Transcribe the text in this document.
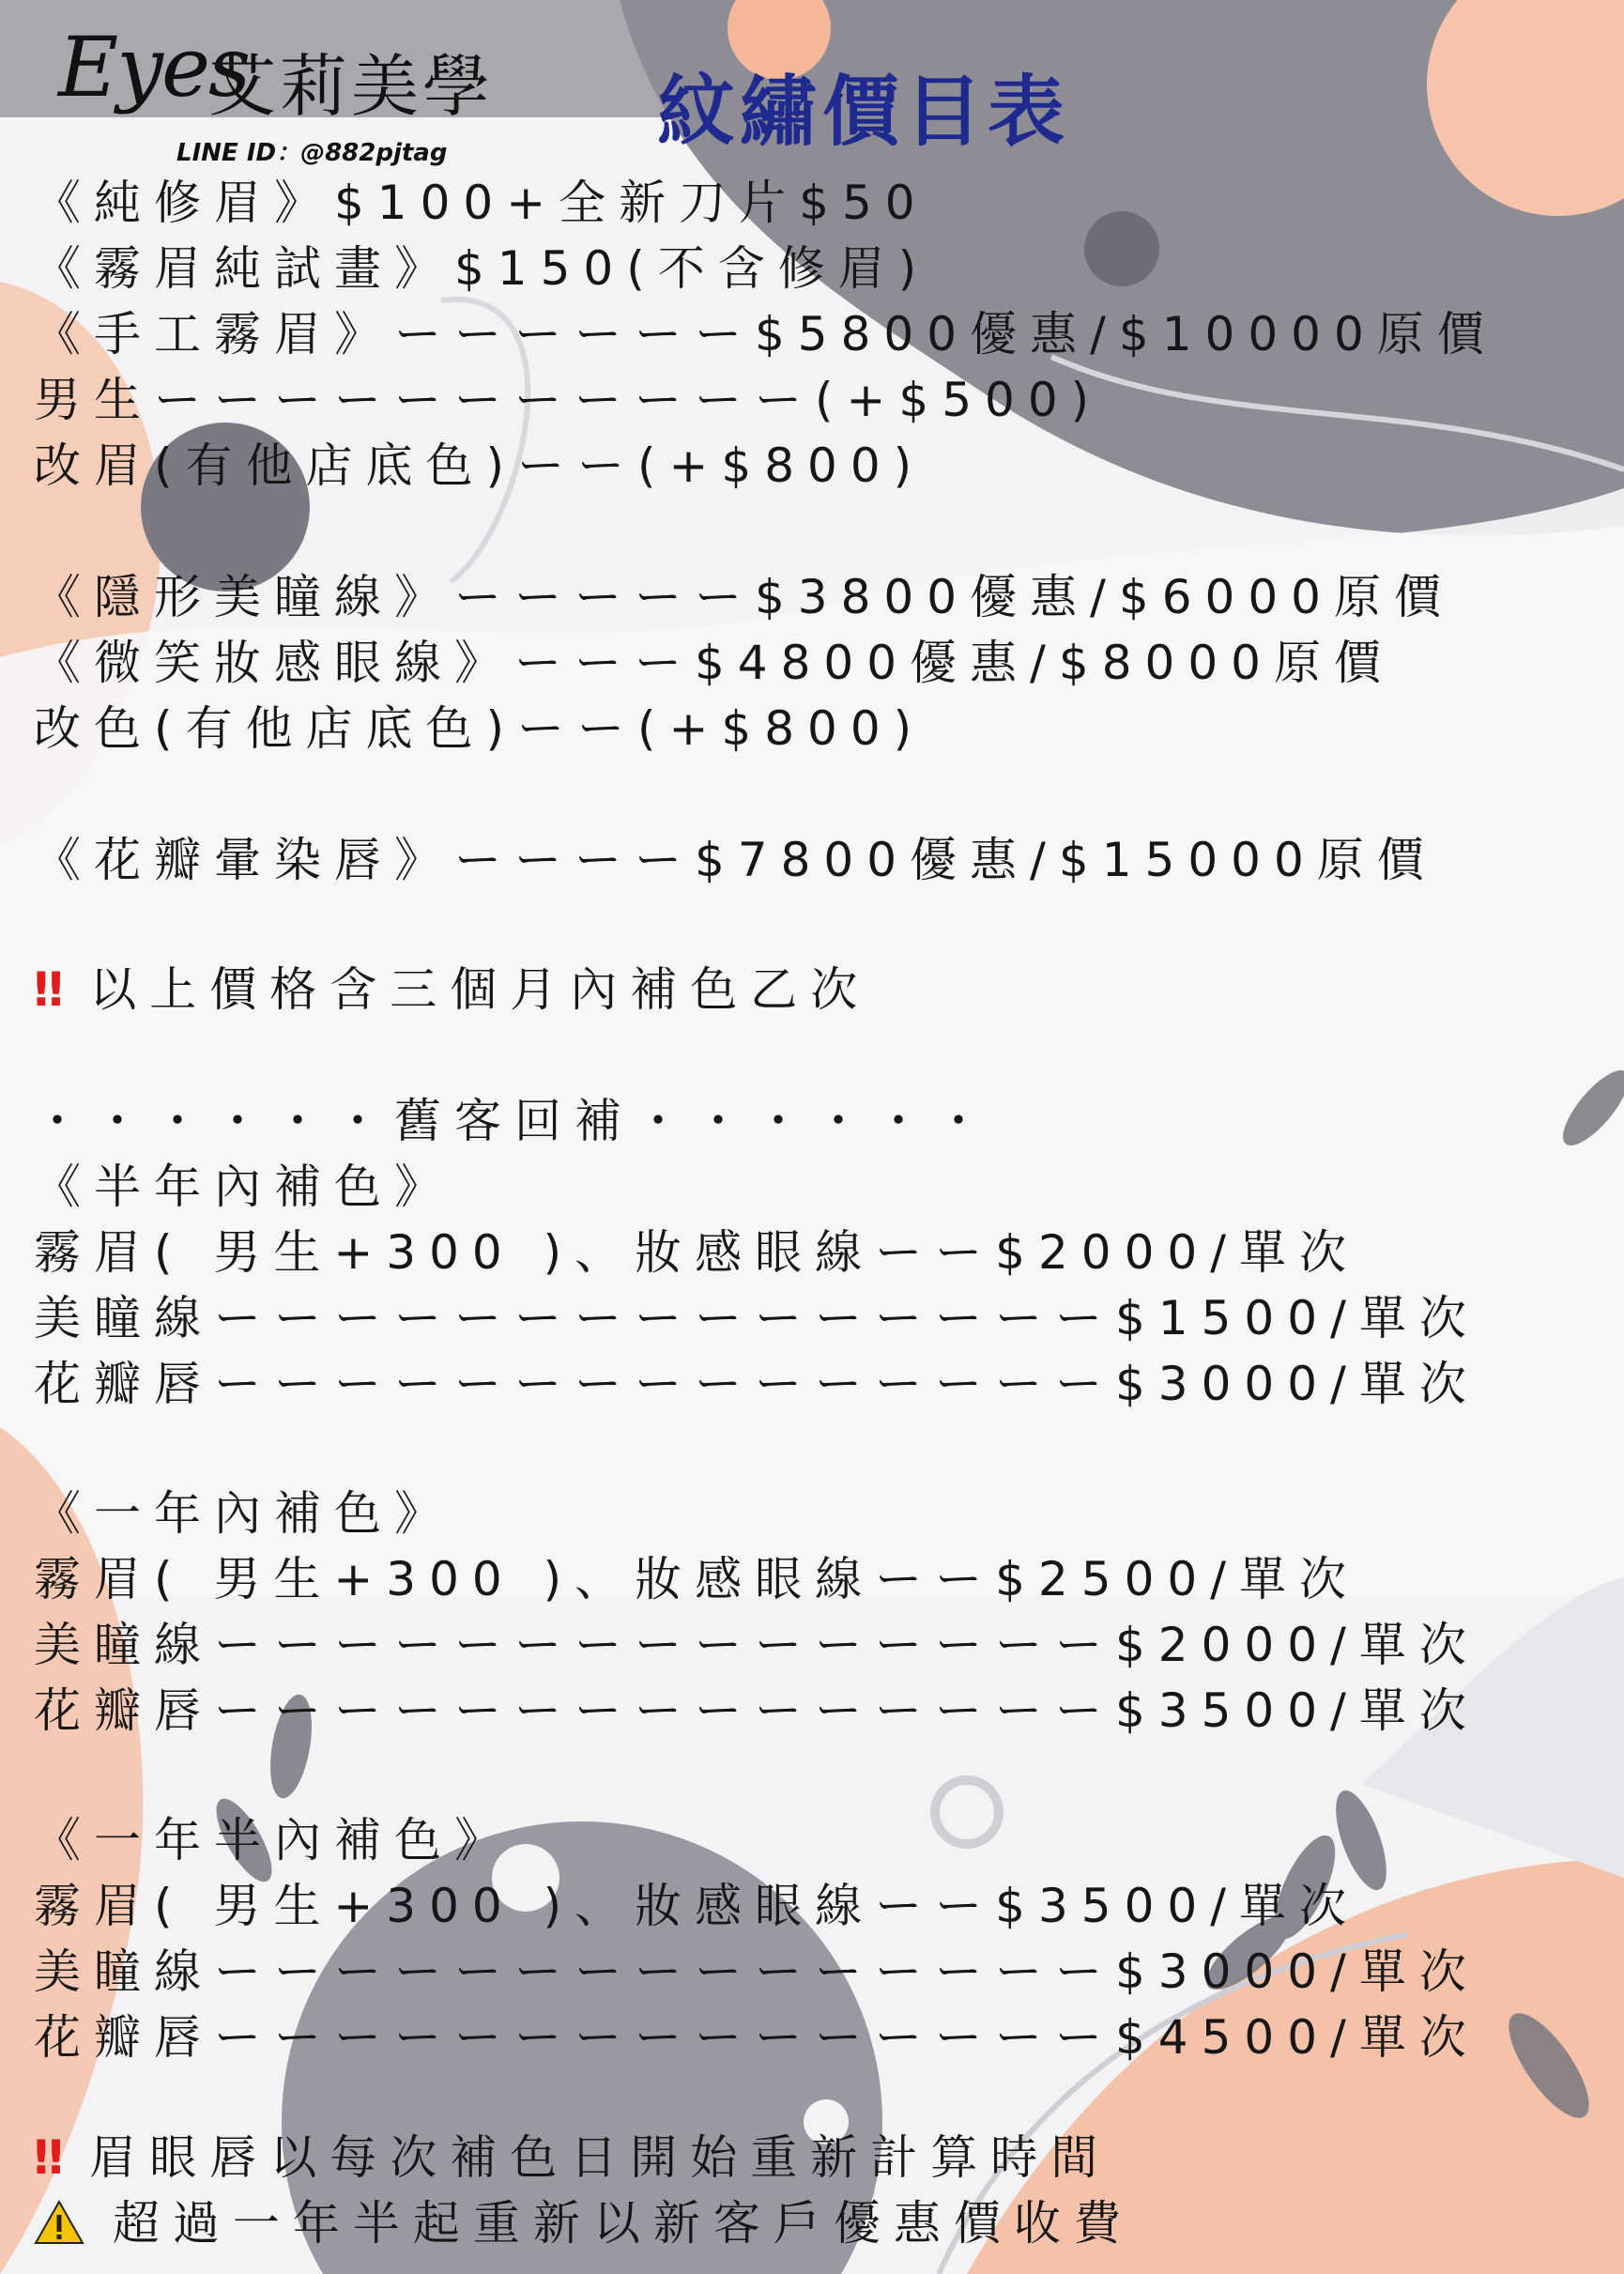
Eyes
艾莉美學
LINE ID：@882pjtag	紋繡價目表
《純修眉》$100+全新刀片$50
《霧眉純試畫》$150(不含修眉)
《手工霧眉》ーーーーーー$5800優惠/$10000原價
男生ーーーーーーーーーーー(+$500)
改眉(有他店底色)ーー(+$800)
《隱形美瞳線》ーーーーー$3800優惠/$6000原價
《微笑妝感眼線》ーーー$4800優惠/$8000原價
改色(有他店底色)ーー(+$800)
《花瓣暈染唇》ーーーー$7800優惠/$15000原價
‼ 以上價格含三個月內補色乙次
・・・・・・舊客回補・・・・・・
《半年內補色》
霧眉( 男生+300 )、妝感眼線ーー$2000/單次
美瞳線ーーーーーーーーーーーーーーー$1500/單次
花瓣唇ーーーーーーーーーーーーーーー$3000/單次
《一年內補色》
霧眉( 男生+300 )、妝感眼線ーー$2500/單次
美瞳線ーーーーーーーーーーーーーーー$2000/單次
花瓣唇ーーーーーーーーーーーーーーー$3500/單次
《一年半內補色》
霧眉( 男生+300 )、妝感眼線ーー$3500/單次
美瞳線ーーーーーーーーーーーーーーー$3000/單次
花瓣唇ーーーーーーーーーーーーーーー$4500/單次
‼ 眉眼唇以每次補色日開始重新計算時間
超過一年半起重新以新客戶優惠價收費
